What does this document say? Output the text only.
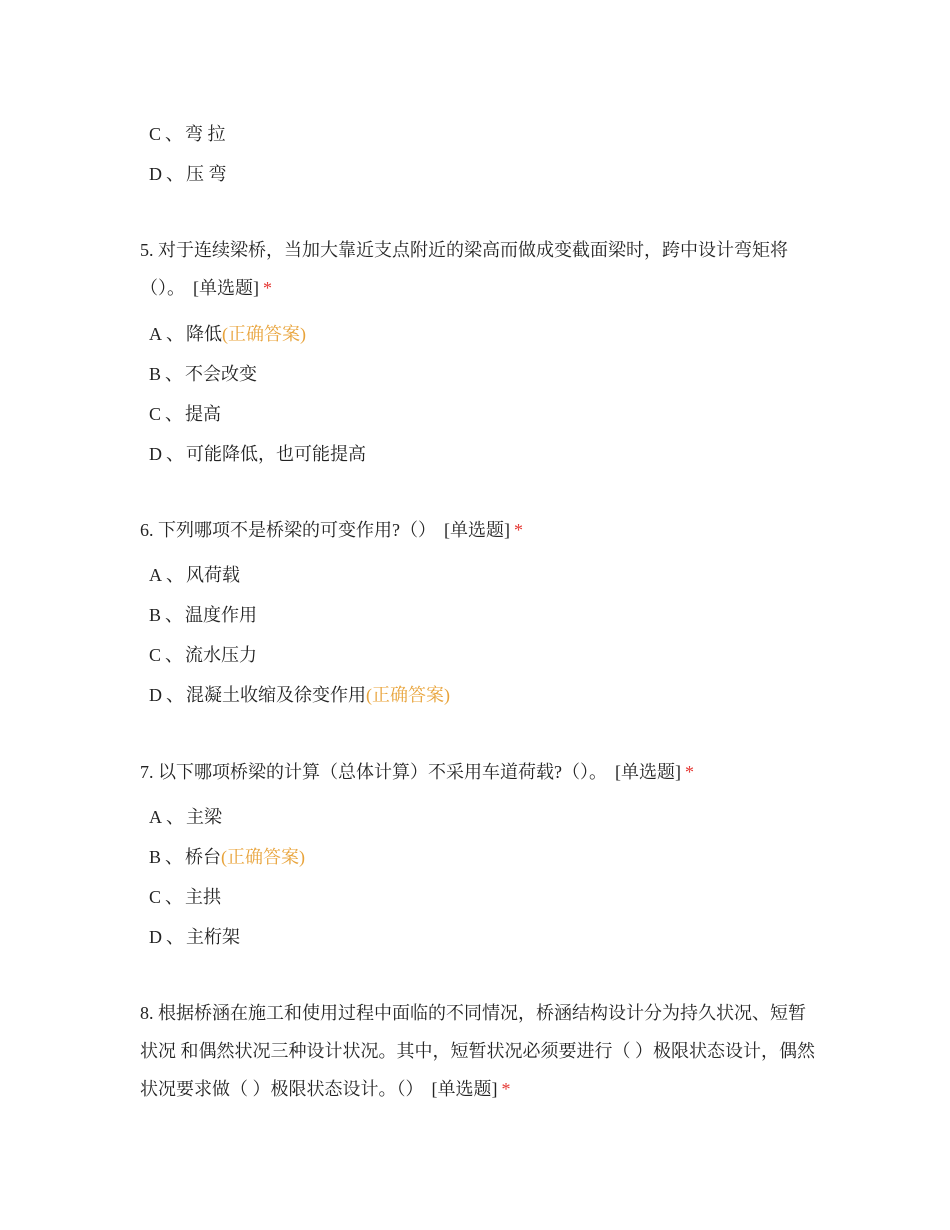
C 、 弯 拉
D 、 压 弯
5. 对于连续梁桥，当加大靠近支点附近的梁高而做成变截面梁时，跨中设计弯矩将（）。 [单选题] *
A 、 降低(正确答案)
B 、 不会改变
C 、 提高
D 、 可能降低，也可能提高
6. 下列哪项不是桥梁的可变作用?（） [单选题] *
A 、 风荷载
B 、 温度作用
C 、 流水压力
D 、 混凝土收缩及徐变作用(正确答案)
7. 以下哪项桥梁的计算（总体计算）不采用车道荷载?（）。 [单选题] *
A 、 主梁
B 、 桥台(正确答案)
C 、 主拱
D 、 主桁架
8. 根据桥涵在施工和使用过程中面临的不同情况，桥涵结构设计分为持久状况、短暂状况 和偶然状况三种设计状况。其中，短暂状况必须要进行（ ）极限状态设计，偶然状况要求做（ ）极限状态设计。（） [单选题] *
